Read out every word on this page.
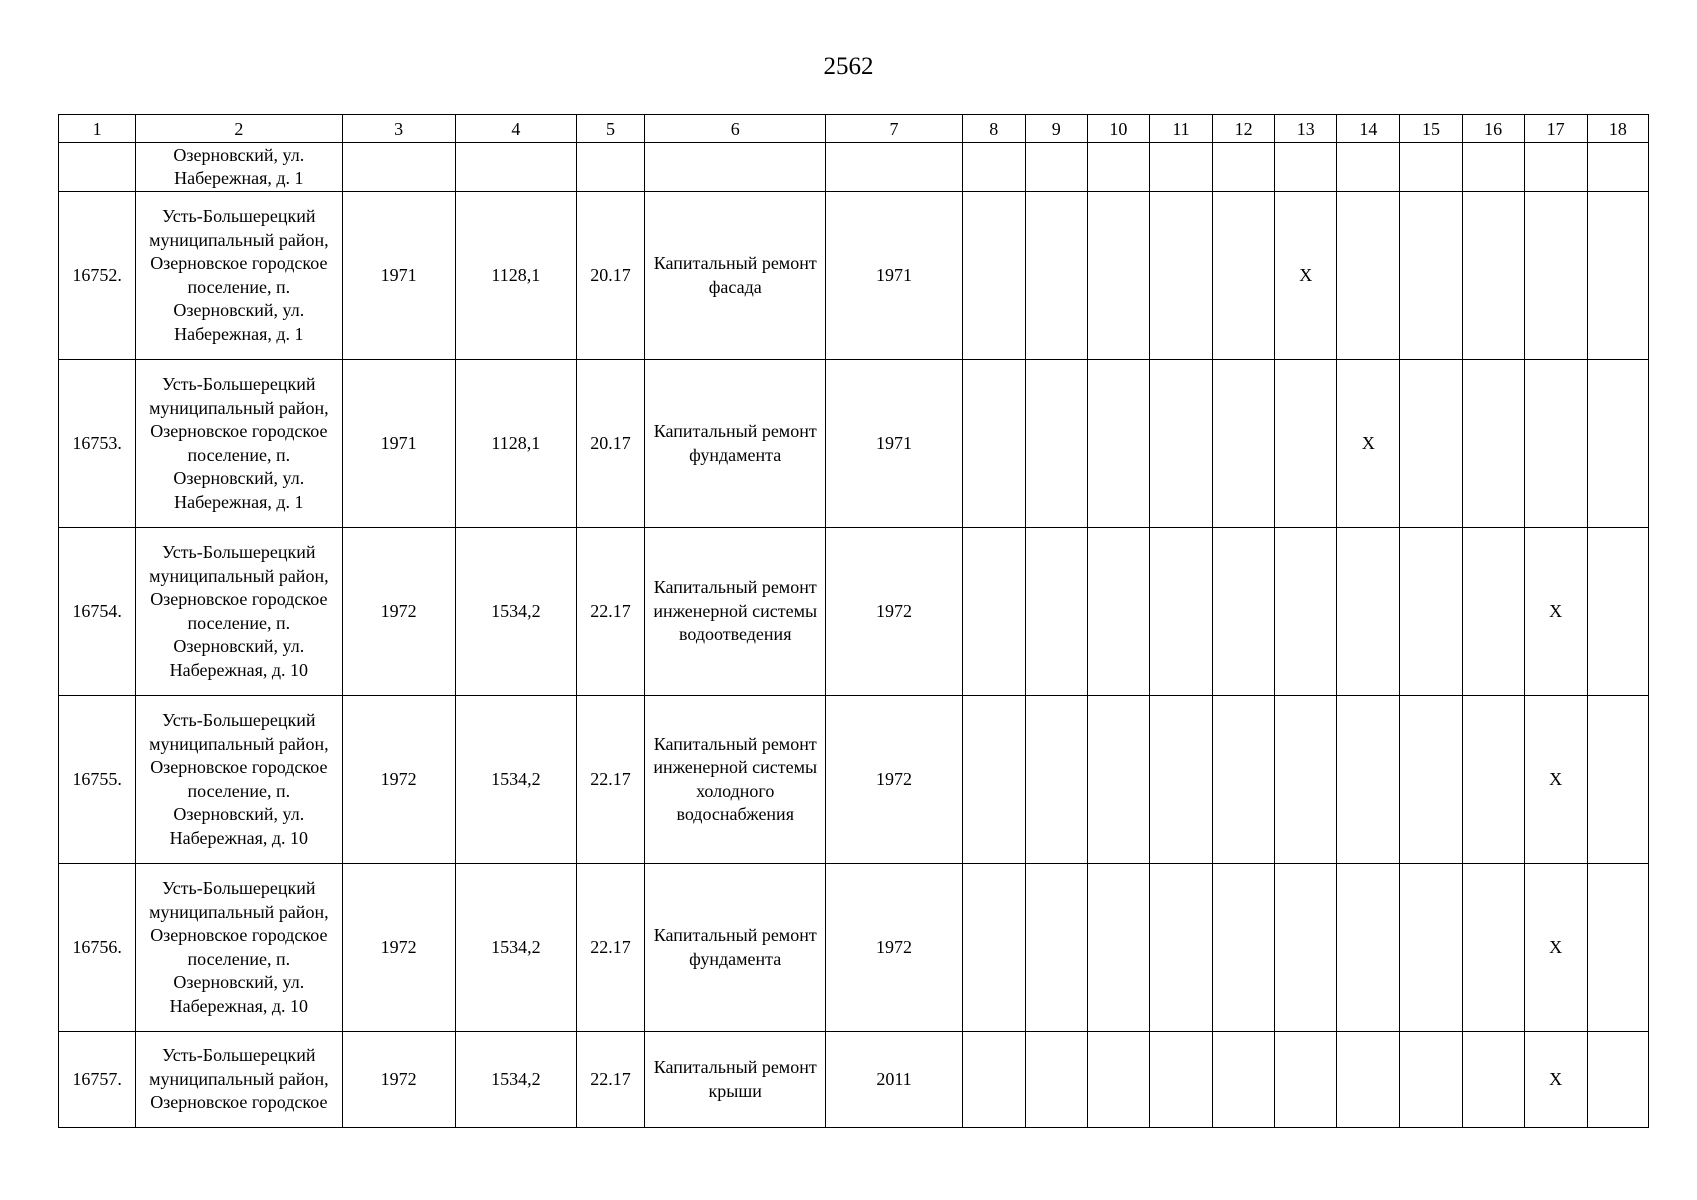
2562
1	2	3	4	5	6	7	8	9	10	11	12	13	14	15	16	17	18
	Озерновский, ул. Набережная, д. 1																
16752.	Усть-Большерецкий муниципальный район, Озерновское городское поселение, п. Озерновский, ул. Набережная, д. 1	1971	1128,1	20.17	Капитальный ремонт фасада	1971						X					
16753.	Усть-Большерецкий муниципальный район, Озерновское городское поселение, п. Озерновский, ул. Набережная, д. 1	1971	1128,1	20.17	Капитальный ремонт фундамента	1971							X				
16754.	Усть-Большерецкий муниципальный район, Озерновское городское поселение, п. Озерновский, ул. Набережная, д. 10	1972	1534,2	22.17	Капитальный ремонт инженерной системы водоотведения	1972										X	
16755.	Усть-Большерецкий муниципальный район, Озерновское городское поселение, п. Озерновский, ул. Набережная, д. 10	1972	1534,2	22.17	Капитальный ремонт инженерной системы холодного водоснабжения	1972										X	
16756.	Усть-Большерецкий муниципальный район, Озерновское городское поселение, п. Озерновский, ул. Набережная, д. 10	1972	1534,2	22.17	Капитальный ремонт фундамента	1972										X	
16757.	Усть-Большерецкий муниципальный район, Озерновское городское	1972	1534,2	22.17	Капитальный ремонт крыши	2011										X	
